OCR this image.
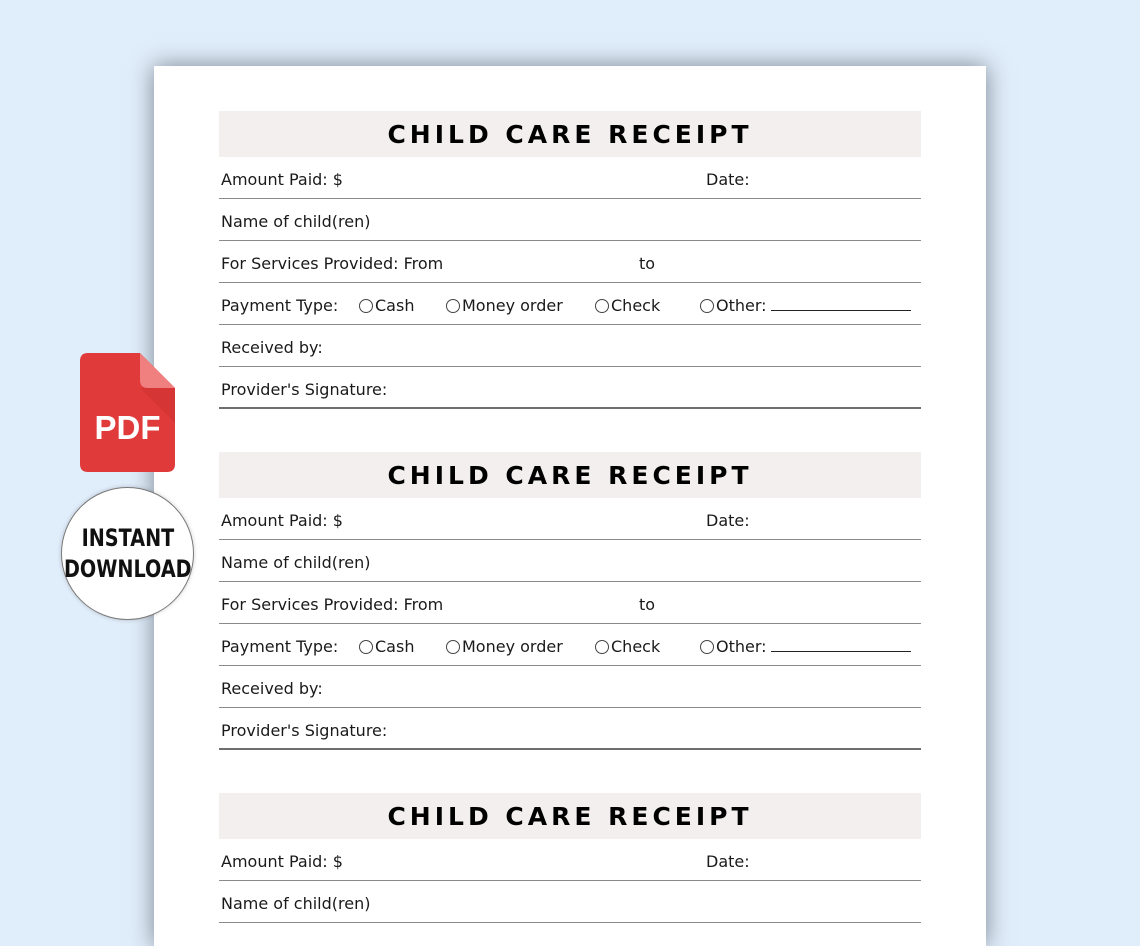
CHILD CARE RECEIPT
Amount Paid: $	Date:
Name of child(ren)
For Services Provided: From	to
Payment Type:	Cash	Money order	Check	Other:
Received by:
Provider's Signature:
CHILD CARE RECEIPT
Amount Paid: $	Date:
Name of child(ren)
For Services Provided: From	to
Payment Type:	Cash	Money order	Check	Other:
Received by:
Provider's Signature:
CHILD CARE RECEIPT
Amount Paid: $	Date:
Name of child(ren)
PDF
INSTANT
DOWNLOAD
